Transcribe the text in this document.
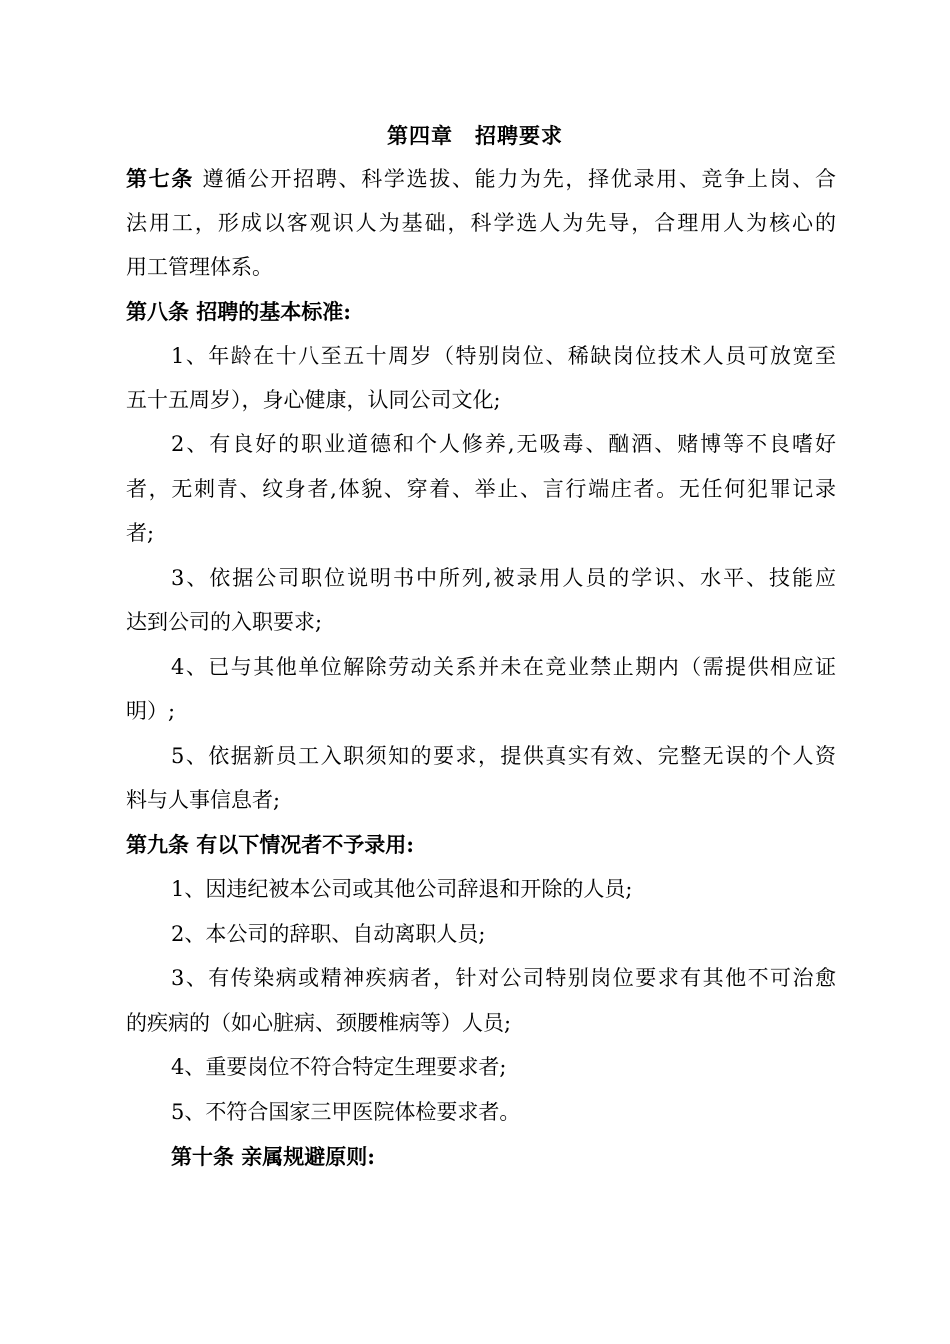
第四章　招聘要求
第七条 遵循公开招聘、科学选拔、能力为先，择优录用、竞争上岗、合
法用工，形成以客观识人为基础，科学选人为先导，合理用人为核心的
用工管理体系。
第八条 招聘的基本标准:
1、年龄在十八至五十周岁（特别岗位、稀缺岗位技术人员可放宽至
五十五周岁），身心健康，认同公司文化;
2、有良好的职业道德和个人修养,无吸毒、酗酒、赌博等不良嗜好
者，无刺青、纹身者,体貌、穿着、举止、言行端庄者。无任何犯罪记录
者;
3、依据公司职位说明书中所列,被录用人员的学识、水平、技能应
达到公司的入职要求;
4、已与其他单位解除劳动关系并未在竞业禁止期内（需提供相应证
明）;
5、依据新员工入职须知的要求，提供真实有效、完整无误的个人资
料与人事信息者;
第九条 有以下情况者不予录用:
1、因违纪被本公司或其他公司辞退和开除的人员;
2、本公司的辞职、自动离职人员;
3、有传染病或精神疾病者，针对公司特别岗位要求有其他不可治愈
的疾病的（如心脏病、颈腰椎病等）人员;
4、重要岗位不符合特定生理要求者;
5、不符合国家三甲医院体检要求者。
第十条 亲属规避原则:
